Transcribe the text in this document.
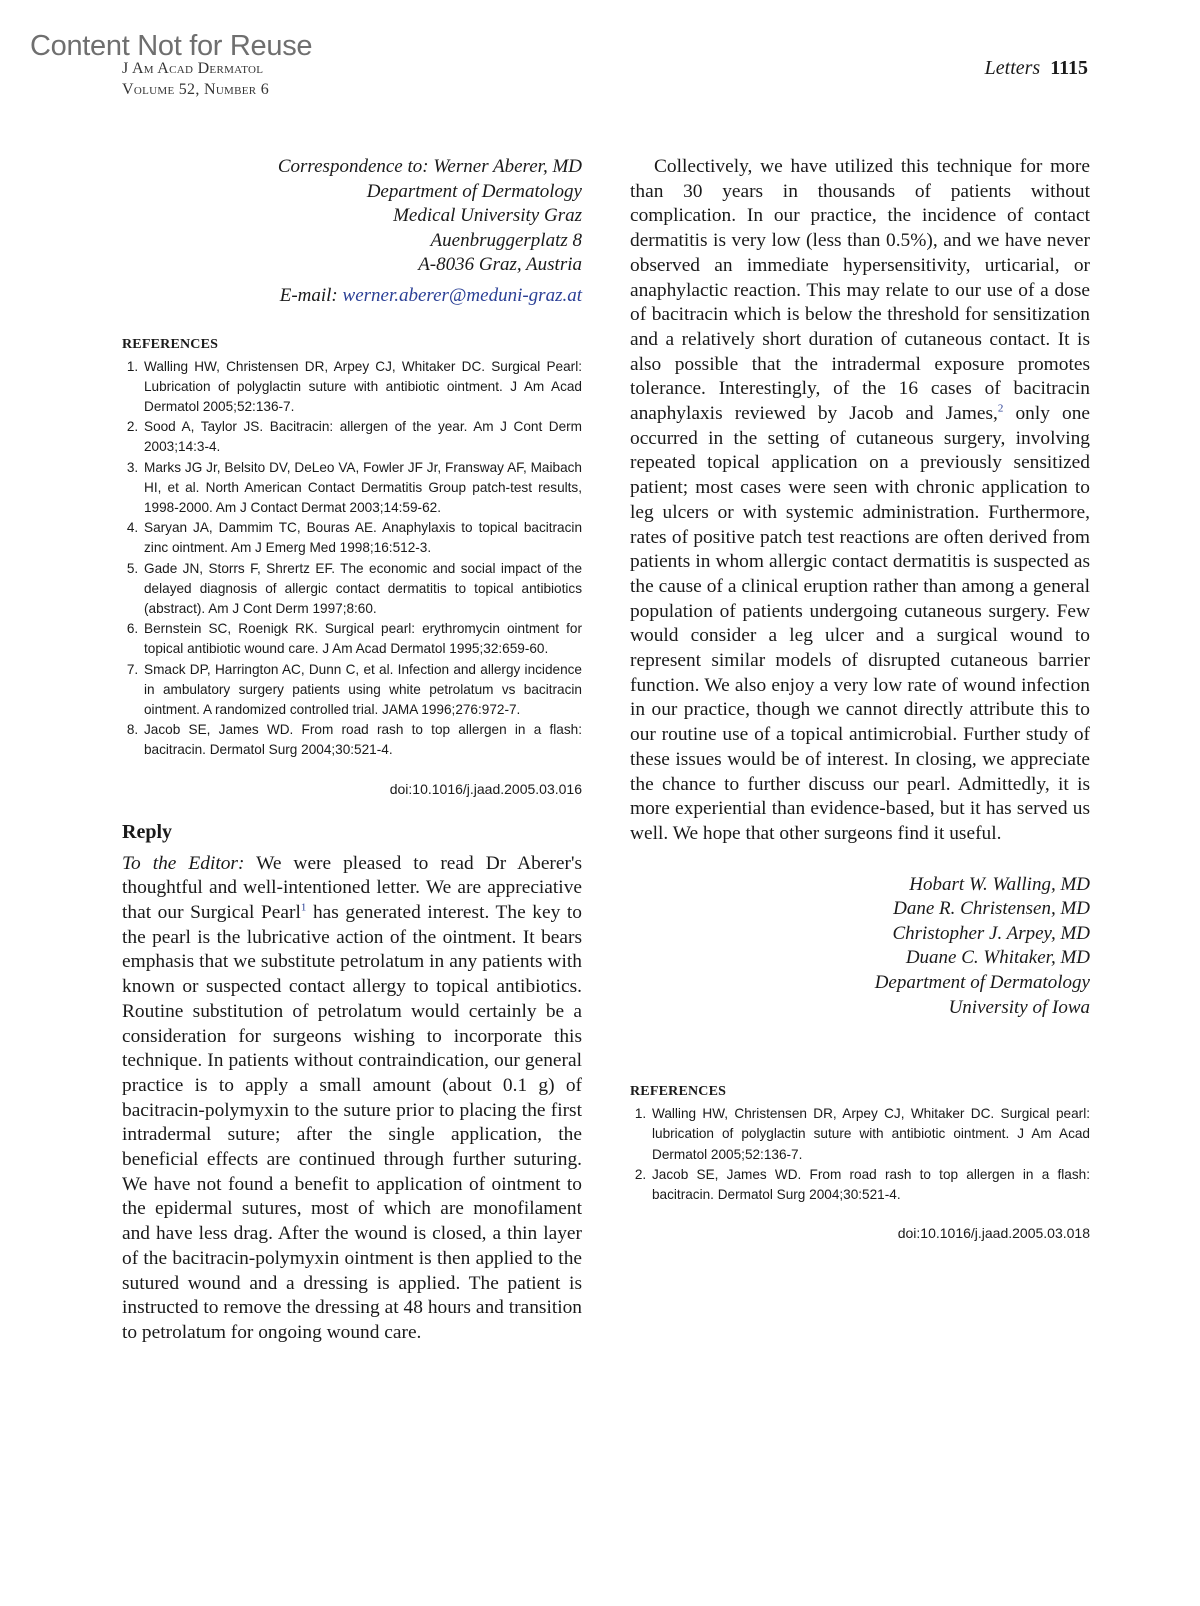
Content Not for Reuse
J Am Acad Dermatol
Volume 52, Number 6
Letters 1115
Correspondence to: Werner Aberer, MD
Department of Dermatology
Medical University Graz
Auenbruggerplatz 8
A-8036 Graz, Austria
E-mail: werner.aberer@meduni-graz.at
REFERENCES
1. Walling HW, Christensen DR, Arpey CJ, Whitaker DC. Surgical Pearl: Lubrication of polyglactin suture with antibiotic ointment. J Am Acad Dermatol 2005;52:136-7.
2. Sood A, Taylor JS. Bacitracin: allergen of the year. Am J Cont Derm 2003;14:3-4.
3. Marks JG Jr, Belsito DV, DeLeo VA, Fowler JF Jr, Fransway AF, Maibach HI, et al. North American Contact Dermatitis Group patch-test results, 1998-2000. Am J Contact Dermat 2003;14:59-62.
4. Saryan JA, Dammim TC, Bouras AE. Anaphylaxis to topical bacitracin zinc ointment. Am J Emerg Med 1998;16:512-3.
5. Gade JN, Storrs F, Shrertz EF. The economic and social impact of the delayed diagnosis of allergic contact dermatitis to topical antibiotics (abstract). Am J Cont Derm 1997;8:60.
6. Bernstein SC, Roenigk RK. Surgical pearl: erythromycin ointment for topical antibiotic wound care. J Am Acad Dermatol 1995;32:659-60.
7. Smack DP, Harrington AC, Dunn C, et al. Infection and allergy incidence in ambulatory surgery patients using white petrolatum vs bacitracin ointment. A randomized controlled trial. JAMA 1996;276:972-7.
8. Jacob SE, James WD. From road rash to top allergen in a flash: bacitracin. Dermatol Surg 2004;30:521-4.
doi:10.1016/j.jaad.2005.03.016
Reply

To the Editor: We were pleased to read Dr Aberer's thoughtful and well-intentioned letter. We are appreciative that our Surgical Pearl$^1$ has generated interest. The key to the pearl is the lubricative action of the ointment. It bears emphasis that we substitute petrolatum in any patients with known or suspected contact allergy to topical antibiotics. Routine substitution of petrolatum would certainly be a consideration for surgeons wishing to incorporate this technique. In patients without contraindication, our general practice is to apply a small amount (about 0.1 g) of bacitracin-polymyxin to the suture prior to placing the first intradermal suture; after the single application, the beneficial effects are continued through further suturing. We have not found a benefit to application of ointment to the epidermal sutures, most of which are monofilament and have less drag. After the wound is closed, a thin layer of the bacitracin-polymyxin ointment is then applied to the sutured wound and a dressing is applied. The patient is instructed to remove the dressing at 48 hours and transition to petrolatum for ongoing wound care.

Collectively, we have utilized this technique for more than 30 years in thousands of patients without complication. In our practice, the incidence of contact dermatitis is very low (less than 0.5%), and we have never observed an immediate hypersensitivity, urticarial, or anaphylactic reaction. This may relate to our use of a dose of bacitracin which is below the threshold for sensitization and a relatively short duration of cutaneous contact. It is also possible that the intradermal exposure promotes tolerance. Interestingly, of the 16 cases of bacitracin anaphylaxis reviewed by Jacob and James,$^2$ only one occurred in the setting of cutaneous surgery, involving repeated topical application on a previously sensitized patient; most cases were seen with chronic application to leg ulcers or with systemic administration. Furthermore, rates of positive patch test reactions are often derived from patients in whom allergic contact dermatitis is suspected as the cause of a clinical eruption rather than among a general population of patients undergoing cutaneous surgery. Few would consider a leg ulcer and a surgical wound to represent similar models of disrupted cutaneous barrier function. We also enjoy a very low rate of wound infection in our practice, though we cannot directly attribute this to our routine use of a topical antimicrobial. Further study of these issues would be of interest. In closing, we appreciate the chance to further discuss our pearl. Admittedly, it is more experiential than evidence-based, but it has served us well. We hope that other surgeons find it useful.

Hobart W. Walling, MD
Dane R. Christensen, MD
Christopher J. Arpey, MD
Duane C. Whitaker, MD
Department of Dermatology
University of Iowa
REFERENCES
1. Walling HW, Christensen DR, Arpey CJ, Whitaker DC. Surgical pearl: lubrication of polyglactin suture with antibiotic ointment. J Am Acad Dermatol 2005;52:136-7.
2. Jacob SE, James WD. From road rash to top allergen in a flash: bacitracin. Dermatol Surg 2004;30:521-4.
doi:10.1016/j.jaad.2005.03.018
